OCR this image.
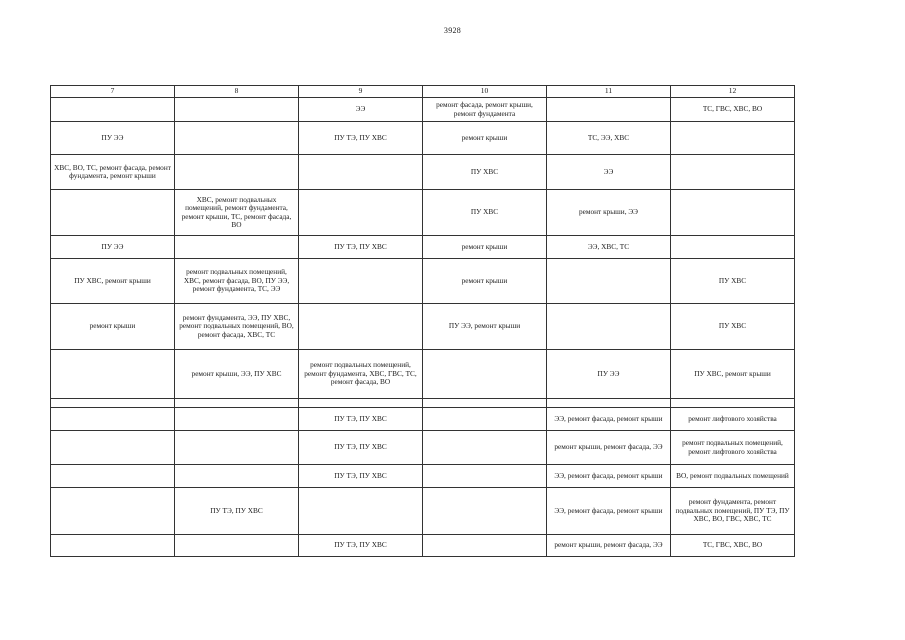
3928
7	8	9	10	11	12
		ЭЭ	ремонт фасада, ремонт крыши, ремонт фундамента		ТС, ГВС, ХВС, ВО
ПУ ЭЭ		ПУ ТЭ, ПУ ХВС	ремонт крыши	ТС, ЭЭ, ХВС	
ХВС, ВО, ТС, ремонт фасада, ремонт фундамента, ремонт крыши			ПУ ХВС	ЭЭ	
	ХВС, ремонт подвальных помещений, ремонт фундамента, ремонт крыши, ТС, ремонт фасада, ВО		ПУ ХВС	ремонт крыши, ЭЭ	
ПУ ЭЭ		ПУ ТЭ, ПУ ХВС	ремонт крыши	ЭЭ, ХВС, ТС	
ПУ ХВС, ремонт крыши	ремонт подвальных помещений, ХВС, ремонт фасада, ВО, ПУ ЭЭ, ремонт фундамента, ТС, ЭЭ		ремонт крыши		ПУ ХВС
ремонт крыши	ремонт фундамента, ЭЭ, ПУ ХВС, ремонт подвальных помещений, ВО, ремонт фасада, ХВС, ТС		ПУ ЭЭ, ремонт крыши		ПУ ХВС
	ремонт крыши, ЭЭ, ПУ ХВС	ремонт подвальных помещений, ремонт фундамента, ХВС, ГВС, ТС, ремонт фасада, ВО		ПУ ЭЭ	ПУ ХВС, ремонт крыши

		ПУ ТЭ, ПУ ХВС		ЭЭ, ремонт фасада, ремонт крыши	ремонт лифтового хозяйства
		ПУ ТЭ, ПУ ХВС		ремонт крыши, ремонт фасада, ЭЭ	ремонт подвальных помещений, ремонт лифтового хозяйства
		ПУ ТЭ, ПУ ХВС		ЭЭ, ремонт фасада, ремонт крыши	ВО, ремонт подвальных помещений
	ПУ ТЭ, ПУ ХВС			ЭЭ, ремонт фасада, ремонт крыши	ремонт фундамента, ремонт подвальных помещений, ПУ ТЭ, ПУ ХВС, ВО, ГВС, ХВС, ТС
		ПУ ТЭ, ПУ ХВС		ремонт крыши, ремонт фасада, ЭЭ	ТС, ГВС, ХВС, ВО
